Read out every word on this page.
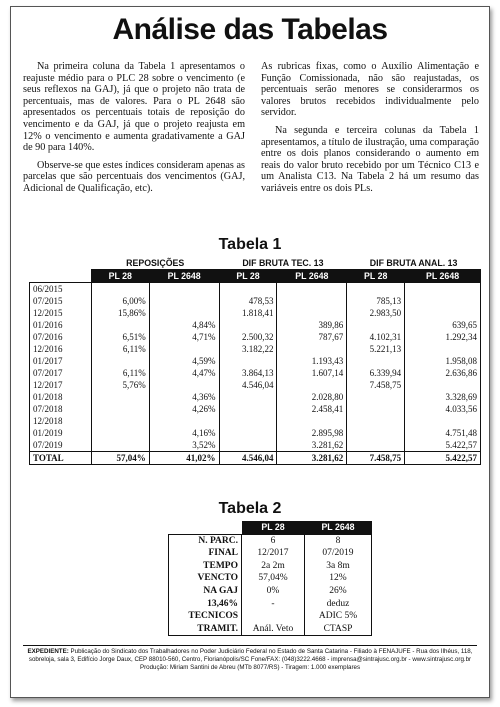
Análise das Tabelas

Na primeira coluna da Tabela 1 apresentamos o reajuste médio para o PLC 28 sobre o vencimento (e seus reflexos na GAJ), já que o projeto não trata de percentuais, mas de valores. Para o PL 2648 são apresentados os percentuais totais de reposição do vencimento e da GAJ, já que o projeto reajusta em 12% o vencimento e aumenta gradativamente a GAJ de 90 para 140%.

Observe-se que estes índices consideram apenas as parcelas que são percentuais dos vencimentos (GAJ, Adicional de Qualificação, etc).

As rubricas fixas, como o Auxílio Alimentação e Função Comissionada, não são reajustadas, os percentuais serão menores se considerarmos os valores brutos recebidos individualmente pelo servidor.

Na segunda e terceira colunas da Tabela 1 apresentamos, a título de ilustração, uma comparação entre os dois planos considerando o aumento em reais do valor bruto recebido por um Técnico C13 e um Analista C13. Na Tabela 2 há um resumo das variáveis entre os dois PLs.

Tabela 1
	REPOSIÇÕES		DIF BRUTA TEC. 13		DIF BRUTA ANAL. 13	
	PL 28	PL 2648	PL 28	PL 2648	PL 28	PL 2648
06/2015						
07/2015	6,00%		478,53		785,13	
12/2015	15,86%		1.818,41		2.983,50	
01/2016		4,84%		389,86		639,65
07/2016	6,51%	4,71%	2.500,32	787,67	4.102,31	1.292,34
12/2016	6,11%		3.182,22		5.221,13	
01/2017		4,59%		1.193,43		1.958,08
07/2017	6,11%	4,47%	3.864,13	1.607,14	6.339,94	2.636,86
12/2017	5,76%		4.546,04		7.458,75	
01/2018		4,36%		2.028,80		3.328,69
07/2018		4,26%		2.458,41		4.033,56
12/2018						
01/2019		4,16%		2.895,98		4.751,48
07/2019		3,52%		3.281,62		5.422,57
TOTAL	57,04%	41,02%	4.546,04	3.281,62	7.458,75	5.422,57
Tabela 2
	PL 28	PL 2648
N. PARC.	6	8
FINAL	12/2017	07/2019
TEMPO	2a 2m	3a 8m
VENCTO	57,04%	12%
NA GAJ	0%	26%
13,46%	-	deduz
TECNICOS		ADIC 5%
TRAMIT.	Anál. Veto	CTASP
EXPEDIENTE: Publicação do Sindicato dos Trabalhadores no Poder Judiciário Federal no Estado de Santa Catarina - Filiado à FENAJUFE - Rua dos Ilhéus, 118, sobreloja, sala 3, Edifício Jorge Daux, CEP 88010-560, Centro, Florianópolis/SC Fone/FAX: (048)3222.4668 - imprensa@sintrajusc.org.br - www.sintrajusc.org.br Produção: Miriam Santini de Abreu (MTb 8077/RS) - Tiragem: 1.000 exemplares
